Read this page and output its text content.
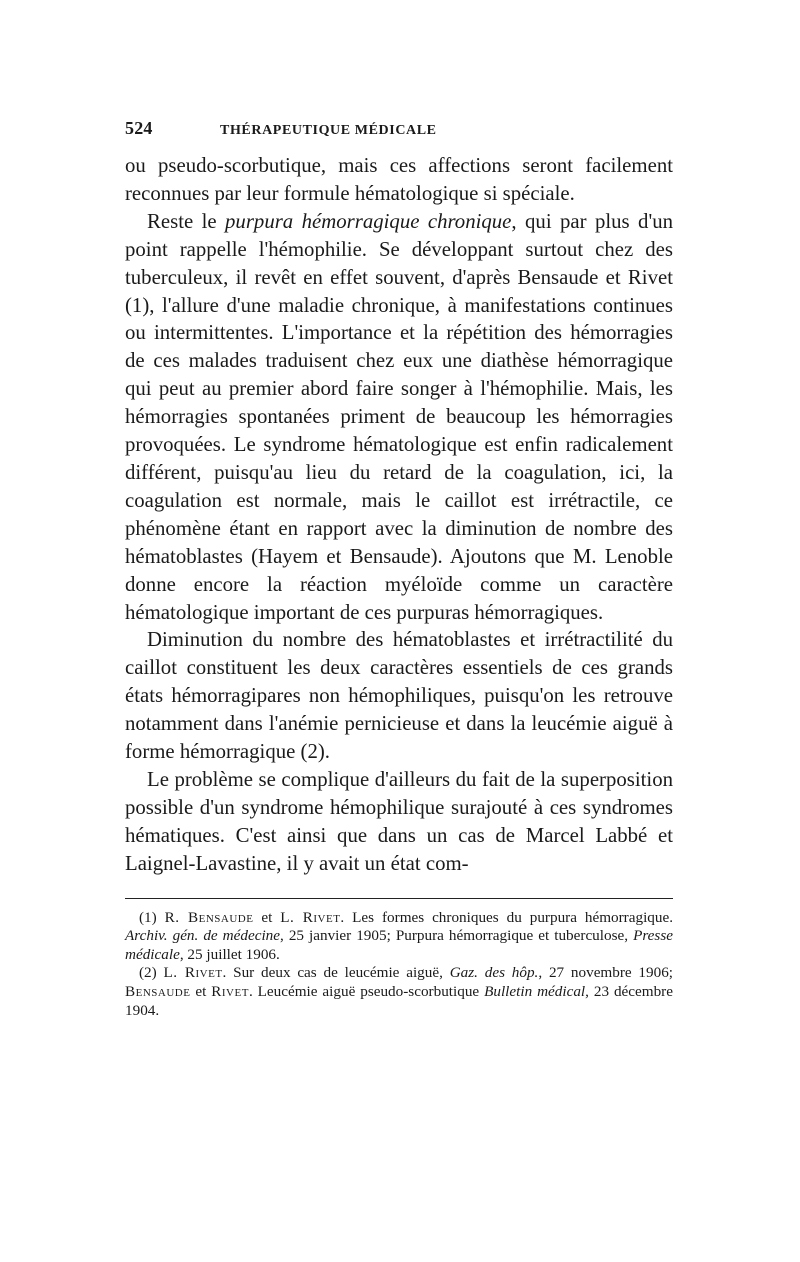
524	THÉRAPEUTIQUE MÉDICALE

ou pseudo-scorbutique, mais ces affections seront facilement reconnues par leur formule hématologique si spéciale.

Reste le purpura hémorragique chronique, qui par plus d'un point rappelle l'hémophilie. Se développant surtout chez des tuberculeux, il revêt en effet souvent, d'après Bensaude et Rivet (1), l'allure d'une maladie chronique, à manifestations continues ou intermittentes. L'importance et la répétition des hémorragies de ces malades traduisent chez eux une diathèse hémorragique qui peut au premier abord faire songer à l'hémophilie. Mais, les hémorragies spontanées priment de beaucoup les hémorragies provoquées. Le syndrome hématologique est enfin radicalement différent, puisqu'au lieu du retard de la coagulation, ici, la coagulation est normale, mais le caillot est irrétractile, ce phénomène étant en rapport avec la diminution de nombre des hématoblastes (Hayem et Bensaude). Ajoutons que M. Lenoble donne encore la réaction myéloïde comme un caractère hématologique important de ces purpuras hémorragiques.

Diminution du nombre des hématoblastes et irrétractilité du caillot constituent les deux caractères essentiels de ces grands états hémorragipares non hémophiliques, puisqu'on les retrouve notamment dans l'anémie pernicieuse et dans la leucémie aiguë à forme hémorragique (2).

Le problème se complique d'ailleurs du fait de la superposition possible d'un syndrome hémophilique surajouté à ces syndromes hématiques. C'est ainsi que dans un cas de Marcel Labbé et Laignel-Lavastine, il y avait un état com-

(1) R. Bensaude et L. Rivet. Les formes chroniques du purpura hémorragique. Archiv. gén. de médecine, 25 janvier 1905; Purpura hémorragique et tuberculose, Presse médicale, 25 juillet 1906.

(2) L. Rivet. Sur deux cas de leucémie aiguë, Gaz. des hôp., 27 novembre 1906; Bensaude et Rivet. Leucémie aiguë pseudo-scorbutique Bulletin médical, 23 décembre 1904.
